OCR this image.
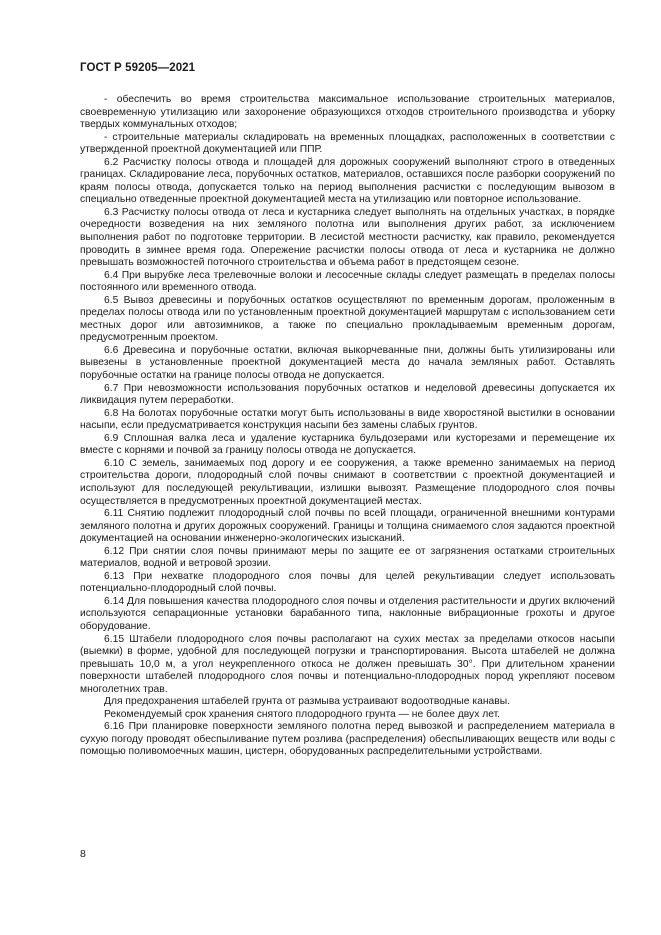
ГОСТ Р 59205—2021

- обеспечить во время строительства максимальное использование строительных материалов, своевременную утилизацию или захоронение образующихся отходов строительного производства и уборку твердых коммунальных отходов;

- строительные материалы складировать на временных площадках, расположенных в соответствии с утвержденной проектной документацией или ППР.

6.2 Расчистку полосы отвода и площадей для дорожных сооружений выполняют строго в отведенных границах. Складирование леса, порубочных остатков, материалов, оставшихся после разборки сооружений по краям полосы отвода, допускается только на период выполнения расчистки с последующим вывозом в специально отведенные проектной документацией места на утилизацию или повторное использование.

6.3 Расчистку полосы отвода от леса и кустарника следует выполнять на отдельных участках, в порядке очередности возведения на них земляного полотна или выполнения других работ, за исключением выполнения работ по подготовке территории. В лесистой местности расчистку, как правило, рекомендуется проводить в зимнее время года. Опережение расчистки полосы отвода от леса и кустарника не должно превышать возможностей поточного строительства и объема работ в предстоящем сезоне.

6.4 При вырубке леса трелевочные волоки и лесосечные склады следует размещать в пределах полосы постоянного или временного отвода.

6.5 Вывоз древесины и порубочных остатков осуществляют по временным дорогам, проложенным в пределах полосы отвода или по установленным проектной документацией маршрутам с использованием сети местных дорог или автозимников, а также по специально прокладываемым временным дорогам, предусмотренным проектом.

6.6 Древесина и порубочные остатки, включая выкорчеванные пни, должны быть утилизированы или вывезены в установленные проектной документацией места до начала земляных работ. Оставлять порубочные остатки на границе полосы отвода не допускается.

6.7 При невозможности использования порубочных остатков и неделовой древесины допускается их ликвидация путем переработки.

6.8 На болотах порубочные остатки могут быть использованы в виде хворостяной выстилки в основании насыпи, если предусматривается конструкция насыпи без замены слабых грунтов.

6.9 Сплошная валка леса и удаление кустарника бульдозерами или кусторезами и перемещение их вместе с корнями и почвой за границу полосы отвода не допускается.

6.10 С земель, занимаемых под дорогу и ее сооружения, а также временно занимаемых на период строительства дороги, плодородный слой почвы снимают в соответствии с проектной документацией и используют для последующей рекультивации, излишки вывозят. Размещение плодородного слоя почвы осуществляется в предусмотренных проектной документацией местах.

6.11 Снятию подлежит плодородный слой почвы по всей площади, ограниченной внешними контурами земляного полотна и других дорожных сооружений. Границы и толщина снимаемого слоя задаются проектной документацией на основании инженерно-экологических изысканий.

6.12 При снятии слоя почвы принимают меры по защите ее от загрязнения остатками строительных материалов, водной и ветровой эрозии.

6.13 При нехватке плодородного слоя почвы для целей рекультивации следует использовать потенциально-плодородный слой почвы.

6.14 Для повышения качества плодородного слоя почвы и отделения растительности и других включений используются сепарационные установки барабанного типа, наклонные вибрационные грохоты и другое оборудование.

6.15 Штабели плодородного слоя почвы располагают на сухих местах за пределами откосов насыпи (выемки) в форме, удобной для последующей погрузки и транспортирования. Высота штабелей не должна превышать 10,0 м, а угол неукрепленного откоса не должен превышать 30°. При длительном хранении поверхности штабелей плодородного слоя почвы и потенциально-плодородных пород укрепляют посевом многолетних трав.

Для предохранения штабелей грунта от размыва устраивают водоотводные канавы.

Рекомендуемый срок хранения снятого плодородного грунта — не более двух лет.

6.16 При планировке поверхности земляного полотна перед вывозкой и распределением материала в сухую погоду проводят обеспыливание путем розлива (распределения) обеспыливающих веществ или воды с помощью поливомоечных машин, цистерн, оборудованных распределительными устройствами.

8
